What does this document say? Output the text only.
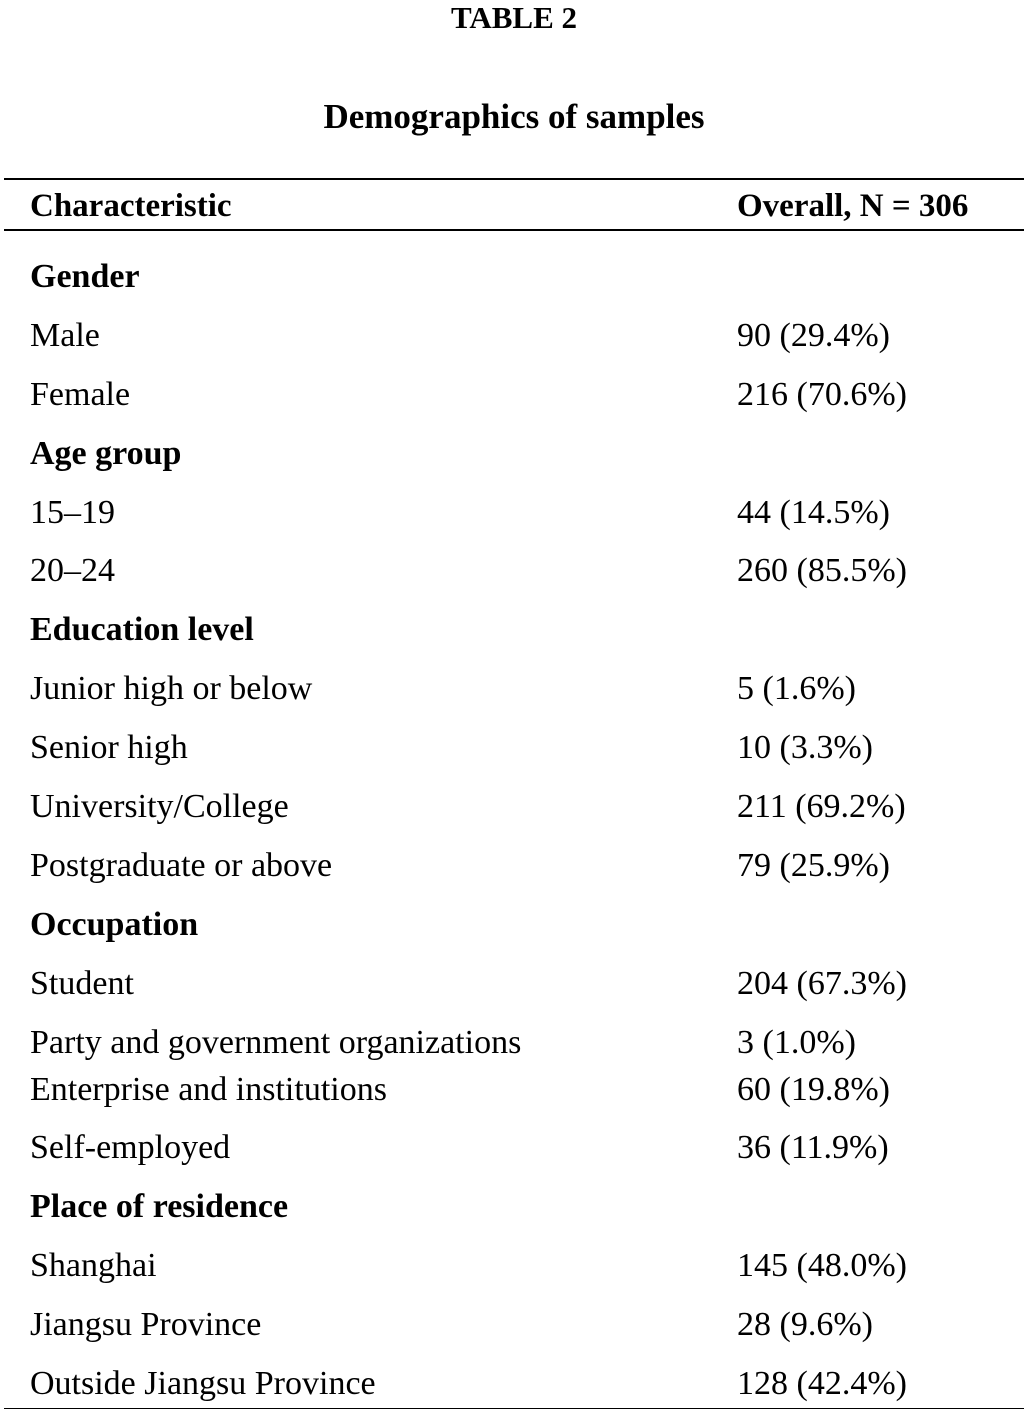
TABLE 2
Demographics of samples
Characteristic	Overall, N = 306
Gender
Male	90 (29.4%)
Female	216 (70.6%)
Age group
15–19	44 (14.5%)
20–24	260 (85.5%)
Education level
Junior high or below	5 (1.6%)
Senior high	10 (3.3%)
University/College	211 (69.2%)
Postgraduate or above	79 (25.9%)
Occupation
Student	204 (67.3%)
Party and government organizations	3 (1.0%)
Enterprise and institutions	60 (19.8%)
Self-employed	36 (11.9%)
Place of residence
Shanghai	145 (48.0%)
Jiangsu Province	28 (9.6%)
Outside Jiangsu Province	128 (42.4%)
